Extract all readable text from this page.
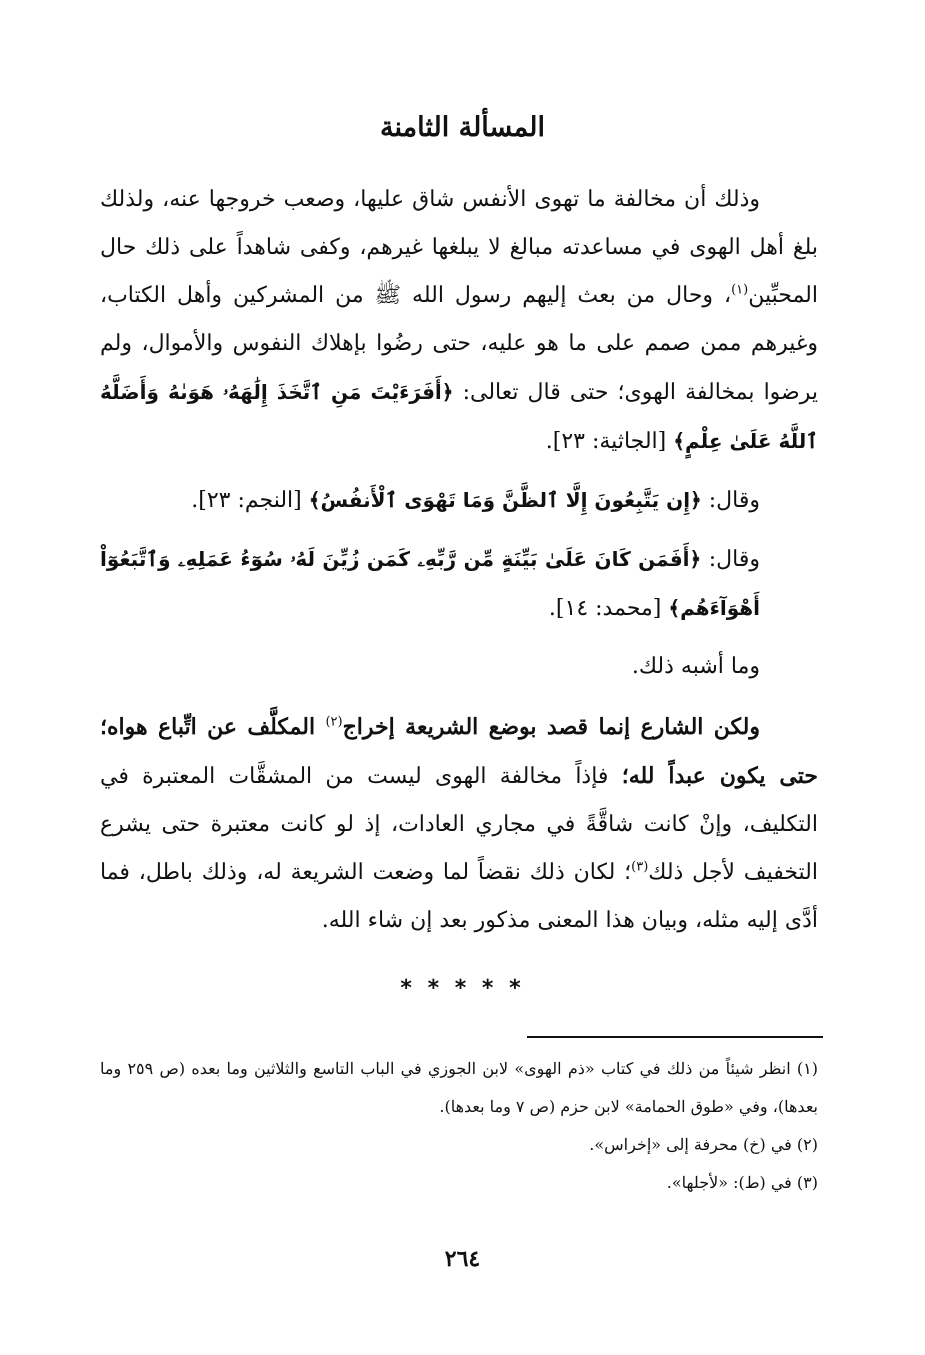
المسألة الثامنة

وذلك أن مخالفة ما تهوى الأنفس شاق عليها، وصعب خروجها عنه، ولذلك بلغ أهل الهوى في مساعدته مبالغ لا يبلغها غيرهم، وكفى شاهداً على ذلك حال المحبِّين$^{(١)}$، وحال من بعث إليهم رسول الله ﷺ من المشركين وأهل الكتاب، وغيرهم ممن صمم على ما هو عليه، حتى رضُوا بإهلاك النفوس والأموال، ولم يرضوا بمخالفة الهوى؛ حتى قال تعالى: ﴿أَفَرَءَيْتَ مَنِ ٱتَّخَذَ إِلَٰهَهُۥ هَوَىٰهُ وَأَضَلَّهُ ٱللَّهُ عَلَىٰ عِلْمٍ﴾ [الجاثية: ٢٣].

وقال: ﴿إِن يَتَّبِعُونَ إِلَّا ٱلظَّنَّ وَمَا تَهْوَى ٱلْأَنفُسُ﴾ [النجم: ٢٣].

وقال: ﴿أَفَمَن كَانَ عَلَىٰ بَيِّنَةٍ مِّن رَّبِّهِۦ كَمَن زُيِّنَ لَهُۥ سُوٓءُ عَمَلِهِۦ وَٱتَّبَعُوٓاْ أَهْوَآءَهُم﴾ [محمد: ١٤].

وما أشبه ذلك.

ولكن الشارع إنما قصد بوضع الشريعة إخراج$^{(٢)}$ المكلَّف عن اتِّباع هواه؛ حتى يكون عبداً لله؛ فإذاً مخالفة الهوى ليست من المشقَّات المعتبرة في التكليف، وإنْ كانت شاقَّةً في مجاري العادات، إذ لو كانت معتبرة حتى يشرع التخفيف لأجل ذلك$^{(٣)}$؛ لكان ذلك نقضاً لما وضعت الشريعة له، وذلك باطل، فما أدَّى إليه مثله، وبيان هذا المعنى مذكور بعد إن شاء الله.

* * * * *

(١) انظر شيئاً من ذلك في كتاب «ذم الهوى» لابن الجوزي في الباب التاسع والثلاثين وما بعده (ص ٢٥٩ وما بعدها)، وفي «طوق الحمامة» لابن حزم (ص ٧ وما بعدها).

(٢) في (خ) محرفة إلى «إخراس».

(٣) في (ط): «لأجلها».

٢٦٤
